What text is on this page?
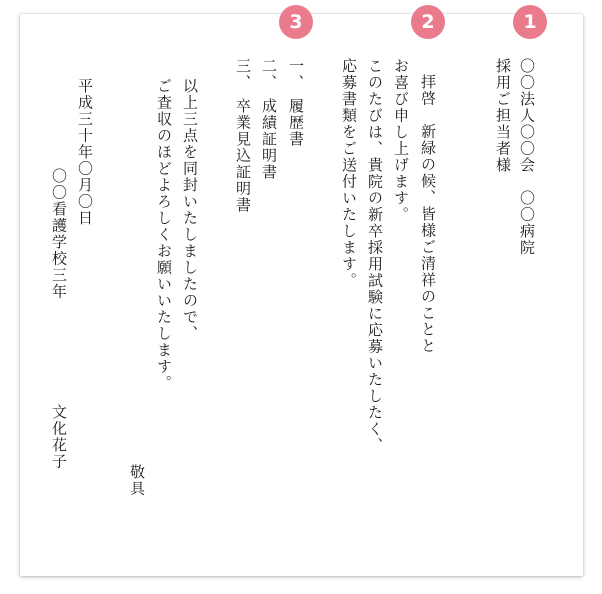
1
2
3
〇〇法人〇〇会　〇〇病院
採用ご担当者様
拝啓　新緑の候、皆様ご清祥のことと
お喜び申し上げます。
このたびは、貴院の新卒採用試験に応募いたしたく、
応募書類をご送付いたします。
一、
履歴書
二、
成績証明書
三、
卒業見込証明書
以上三点を同封いたしましたので、
ご査収のほどよろしくお願いいたします。
敬具
平成三十年〇月〇日
〇〇看護学校三年
文化花子
